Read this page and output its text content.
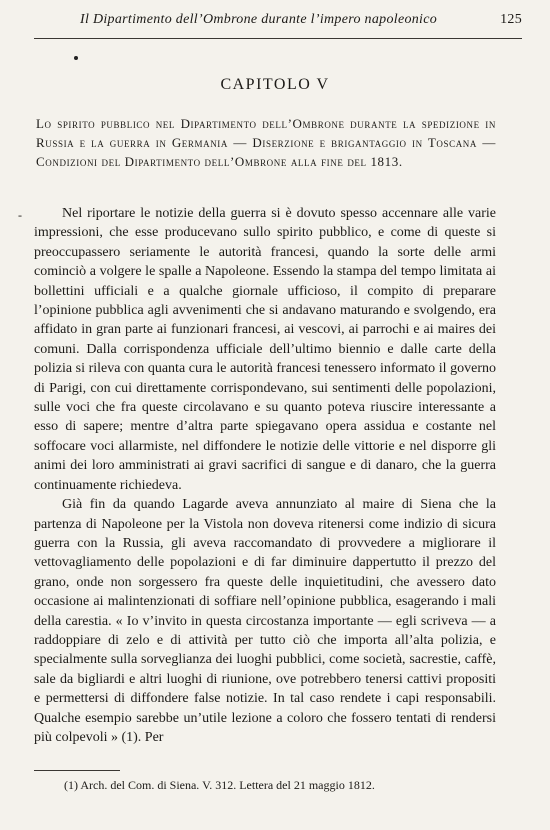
Il Dipartimento dell’Ombrone durante l’impero napoleonico	125
CAPITOLO V
Lo spirito pubblico nel Dipartimento dell’Ombrone durante la spedizione in Russia e la guerra in Germania — Diserzione e brigantaggio in Toscana — Condizioni del Dipartimento dell’Ombrone alla fine del 1813.
-	Nel riportare le notizie della guerra si è dovuto spesso accennare alle varie impressioni, che esse producevano sullo spirito pubblico, e come di queste si preoccupassero seriamente le autorità francesi, quando la sorte delle armi cominciò a volgere le spalle a Napoleone. Essendo la stampa del tempo limitata ai bollettini ufficiali e a qualche giornale ufficioso, il compito di preparare l’opinione pubblica agli avvenimenti che si andavano maturando e svolgendo, era affidato in gran parte ai funzionari francesi, ai vescovi, ai parrochi e ai maires dei comuni. Dalla corrispondenza ufficiale dell’ultimo biennio e dalle carte della polizia si rileva con quanta cura le autorità francesi tenessero informato il governo di Parigi, con cui direttamente corrispondevano, sui sentimenti delle popolazioni, sulle voci che fra queste circolavano e su quanto poteva riuscire interessante a esso di sapere; mentre d’altra parte spiegavano opera assidua e costante nel soffocare voci allarmiste, nel diffondere le notizie delle vittorie e nel disporre gli animi dei loro amministrati ai gravi sacrifici di sangue e di danaro, che la guerra continuamente richiedeva.

Già fin da quando Lagarde aveva annunziato al maire di Siena che la partenza di Napoleone per la Vistola non doveva ritenersi come indizio di sicura guerra con la Russia, gli aveva raccomandato di provvedere a migliorare il vettovagliamento delle popolazioni e di far diminuire dappertutto il prezzo del grano, onde non sorgessero fra queste delle inquietitudini, che avessero dato occasione ai malintenzionati di soffiare nell’opinione pubblica, esagerando i mali della carestia. « Io v’invito in questa circostanza importante — egli scriveva — a raddoppiare di zelo e di attività per tutto ciò che importa all’alta polizia, e specialmente sulla sorveglianza dei luoghi pubblici, come società, sacrestie, caffè, sale da bigliardi e altri luoghi di riunione, ove potrebbero tenersi cattivi propositi e permettersi di diffondere false notizie. In tal caso rendete i capi responsabili. Qualche esempio sarebbe un’utile lezione a coloro che fossero tentati di rendersi più colpevoli » (1). Per

(1) Arch. del Com. di Siena. V. 312. Lettera del 21 maggio 1812.
